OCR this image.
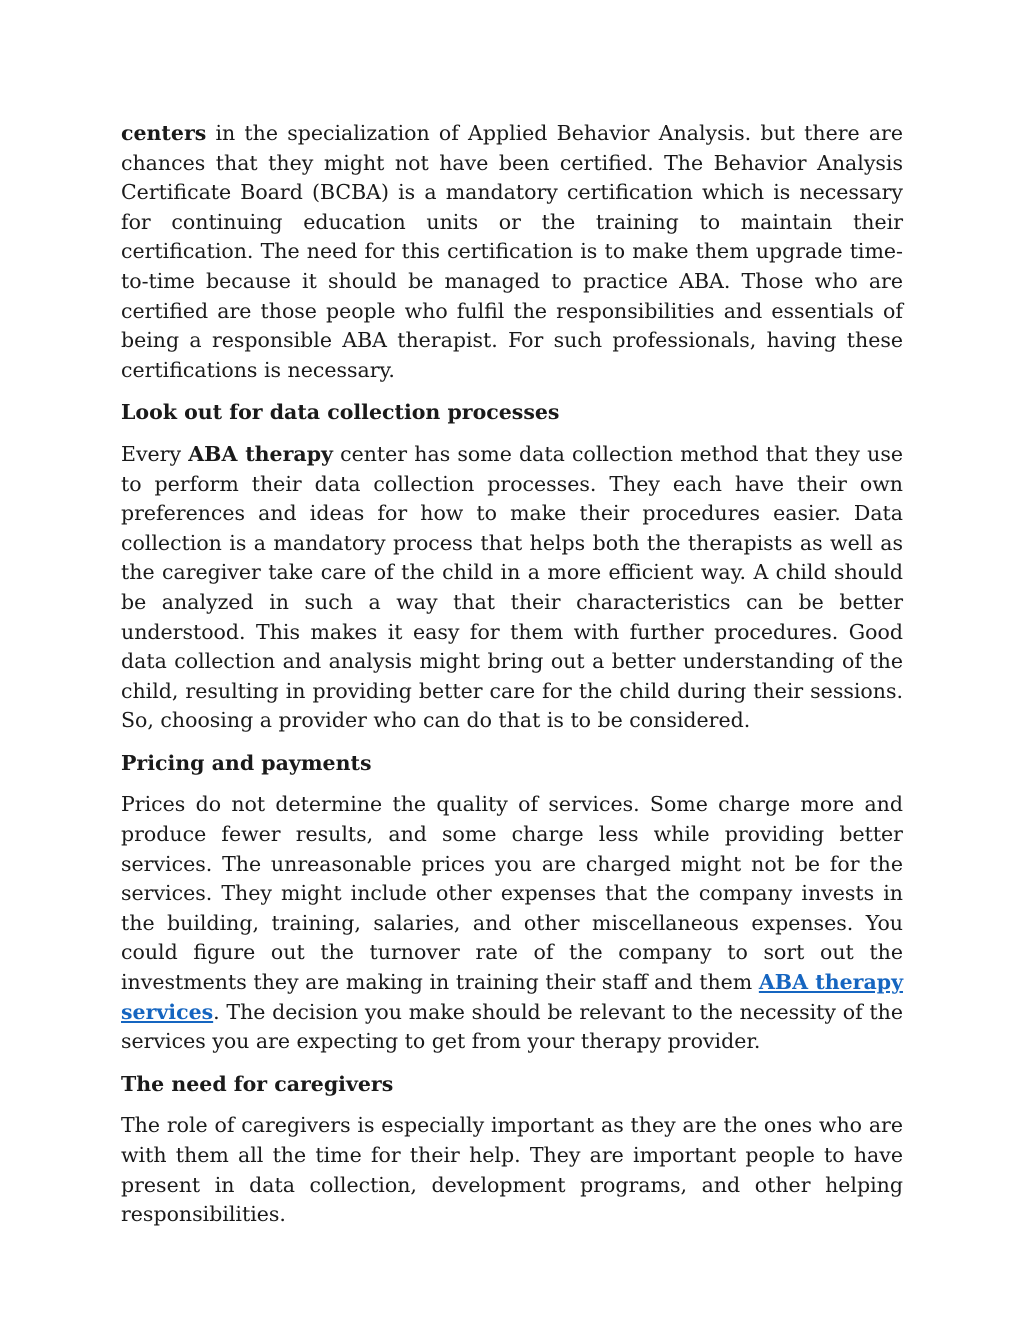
centers in the specialization of Applied Behavior Analysis. but there are chances that they might not have been certified. The Behavior Analysis Certificate Board (BCBA) is a mandatory certification which is necessary for continuing education units or the training to maintain their certification. The need for this certification is to make them upgrade time-to-time because it should be managed to practice ABA. Those who are certified are those people who fulfil the responsibilities and essentials of being a responsible ABA therapist. For such professionals, having these certifications is necessary.

Look out for data collection processes

Every ABA therapy center has some data collection method that they use to perform their data collection processes. They each have their own preferences and ideas for how to make their procedures easier. Data collection is a mandatory process that helps both the therapists as well as the caregiver take care of the child in a more efficient way. A child should be analyzed in such a way that their characteristics can be better understood. This makes it easy for them with further procedures. Good data collection and analysis might bring out a better understanding of the child, resulting in providing better care for the child during their sessions. So, choosing a provider who can do that is to be considered.

Pricing and payments

Prices do not determine the quality of services. Some charge more and produce fewer results, and some charge less while providing better services. The unreasonable prices you are charged might not be for the services. They might include other expenses that the company invests in the building, training, salaries, and other miscellaneous expenses. You could figure out the turnover rate of the company to sort out the investments they are making in training their staff and them ABA therapy services. The decision you make should be relevant to the necessity of the services you are expecting to get from your therapy provider.

The need for caregivers

The role of caregivers is especially important as they are the ones who are with them all the time for their help. They are important people to have present in data collection, development programs, and other helping responsibilities.
